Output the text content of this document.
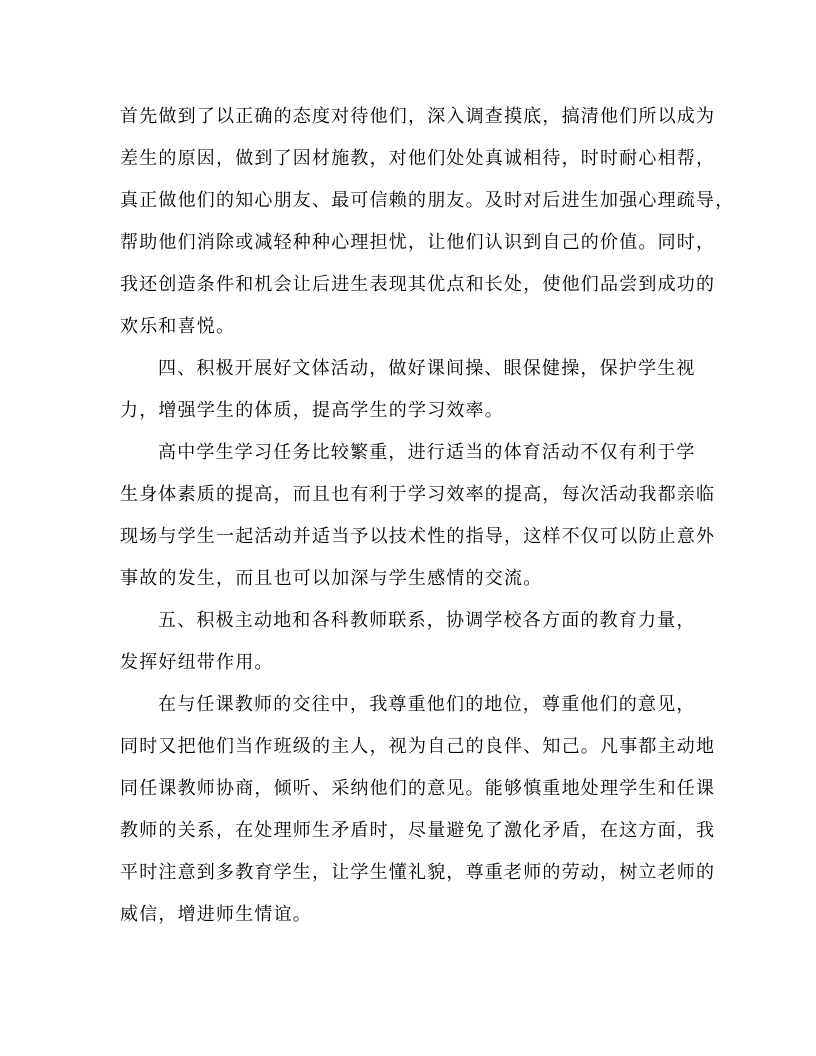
首先做到了以正确的态度对待他们，深入调查摸底，搞清他们所以成为
差生的原因，做到了因材施教，对他们处处真诚相待，时时耐心相帮，
真正做他们的知心朋友、最可信赖的朋友。及时对后进生加强心理疏导，
帮助他们消除或减轻种种心理担忧，让他们认识到自己的价值。同时，
我还创造条件和机会让后进生表现其优点和长处，使他们品尝到成功的
欢乐和喜悦。

四、积极开展好文体活动，做好课间操、眼保健操，保护学生视
力，增强学生的体质，提高学生的学习效率。

高中学生学习任务比较繁重，进行适当的体育活动不仅有利于学
生身体素质的提高，而且也有利于学习效率的提高，每次活动我都亲临
现场与学生一起活动并适当予以技术性的指导，这样不仅可以防止意外
事故的发生，而且也可以加深与学生感情的交流。

五、积极主动地和各科教师联系，协调学校各方面的教育力量，
发挥好纽带作用。

在与任课教师的交往中，我尊重他们的地位，尊重他们的意见，
同时又把他们当作班级的主人，视为自己的良伴、知己。凡事都主动地
同任课教师协商，倾听、采纳他们的意见。能够慎重地处理学生和任课
教师的关系，在处理师生矛盾时，尽量避免了激化矛盾，在这方面，我
平时注意到多教育学生，让学生懂礼貌，尊重老师的劳动，树立老师的
威信，增进师生情谊。
